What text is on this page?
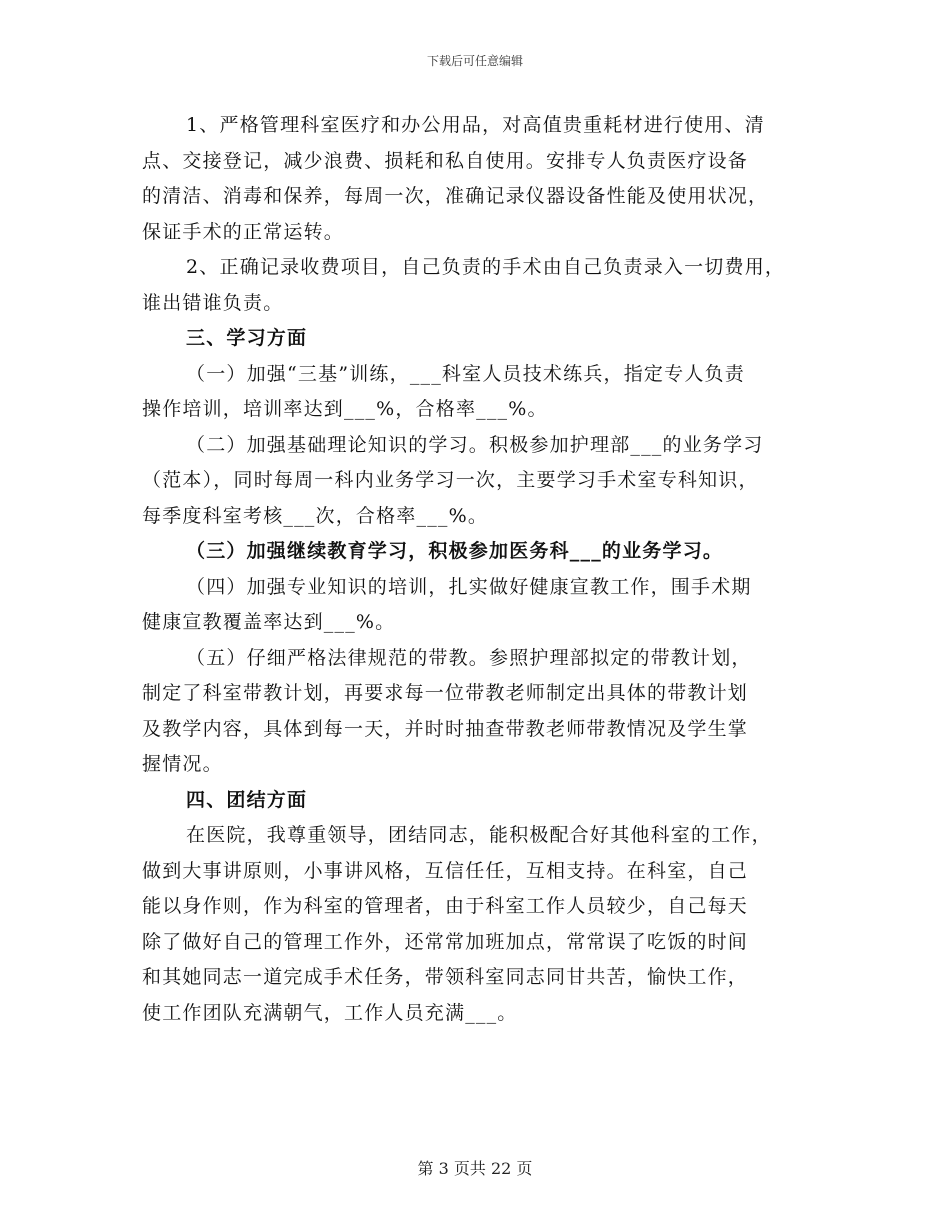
下载后可任意编辑
1、严格管理科室医疗和办公用品，对高值贵重耗材进行使用、清
点、交接登记，减少浪费、损耗和私自使用。安排专人负责医疗设备
的清洁、消毒和保养，每周一次，准确记录仪器设备性能及使用状况，
保证手术的正常运转。
2、正确记录收费项目，自己负责的手术由自己负责录入一切费用，
谁出错谁负责。
三、学习方面
（一）加强“三基”训练，___科室人员技术练兵，指定专人负责
操作培训，培训率达到___%，合格率___%。
（二）加强基础理论知识的学习。积极参加护理部___的业务学习
（范本），同时每周一科内业务学习一次，主要学习手术室专科知识，
每季度科室考核___次，合格率___%。
（三）加强继续教育学习，积极参加医务科___的业务学习。
（四）加强专业知识的培训，扎实做好健康宣教工作，围手术期
健康宣教覆盖率达到___%。
（五）仔细严格法律规范的带教。参照护理部拟定的带教计划，
制定了科室带教计划，再要求每一位带教老师制定出具体的带教计划
及教学内容，具体到每一天，并时时抽查带教老师带教情况及学生掌
握情况。
四、团结方面
在医院，我尊重领导，团结同志，能积极配合好其他科室的工作，
做到大事讲原则，小事讲风格，互信任任，互相支持。在科室，自己
能以身作则，作为科室的管理者，由于科室工作人员较少，自己每天
除了做好自己的管理工作外，还常常加班加点，常常误了吃饭的时间
和其她同志一道完成手术任务，带领科室同志同甘共苦，愉快工作，
使工作团队充满朝气，工作人员充满___。
第 3 页共 22 页
